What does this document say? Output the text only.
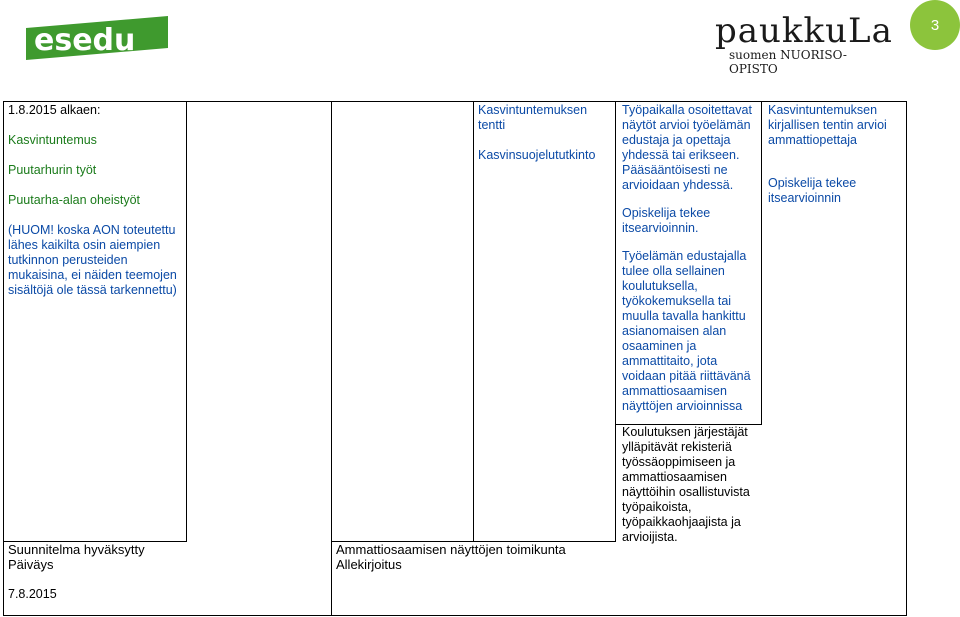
esedu	paukkuLa
suomen NUORISO-OPISTO
3
1.8.2015 alkaen:
Kasvintuntemus
Puutarhurin työt
Puutarha-alan oheistyöt
(HUOM! koska AON toteutettu
lähes kaikilta osin aiempien
tutkinnon perusteiden
mukaisina, ei näiden teemojen
sisältöjä ole tässä tarkennettu)
Kasvintuntemuksen
tentti
Kasvinsuojelututkinto
Työpaikalla osoitettavat
näytöt arvioi työelämän
edustaja ja opettaja
yhdessä tai erikseen.
Pääsääntöisesti ne
arvioidaan yhdessä.
Opiskelija tekee
itsearvioinnin.
Työelämän edustajalla
tulee olla sellainen
koulutuksella,
työkokemuksella tai
muulla tavalla hankittu
asianomaisen alan
osaaminen ja
ammattitaito, jota
voidaan pitää riittävänä
ammattiosaamisen
näyttöjen arvioinnissa
Koulutuksen järjestäjät
ylläpitävät rekisteriä
työssäoppimiseen ja
ammattiosaamisen
näyttöihin osallistuvista
työpaikoista,
työpaikkaohjaajista ja
arvioijista.
Kasvintuntemuksen
kirjallisen tentin arvioi
ammattiopettaja
Opiskelija tekee
itsearvioinnin
Suunnitelma hyväksytty
Päiväys
7.8.2015
Ammattiosaamisen näyttöjen toimikunta
Allekirjoitus
